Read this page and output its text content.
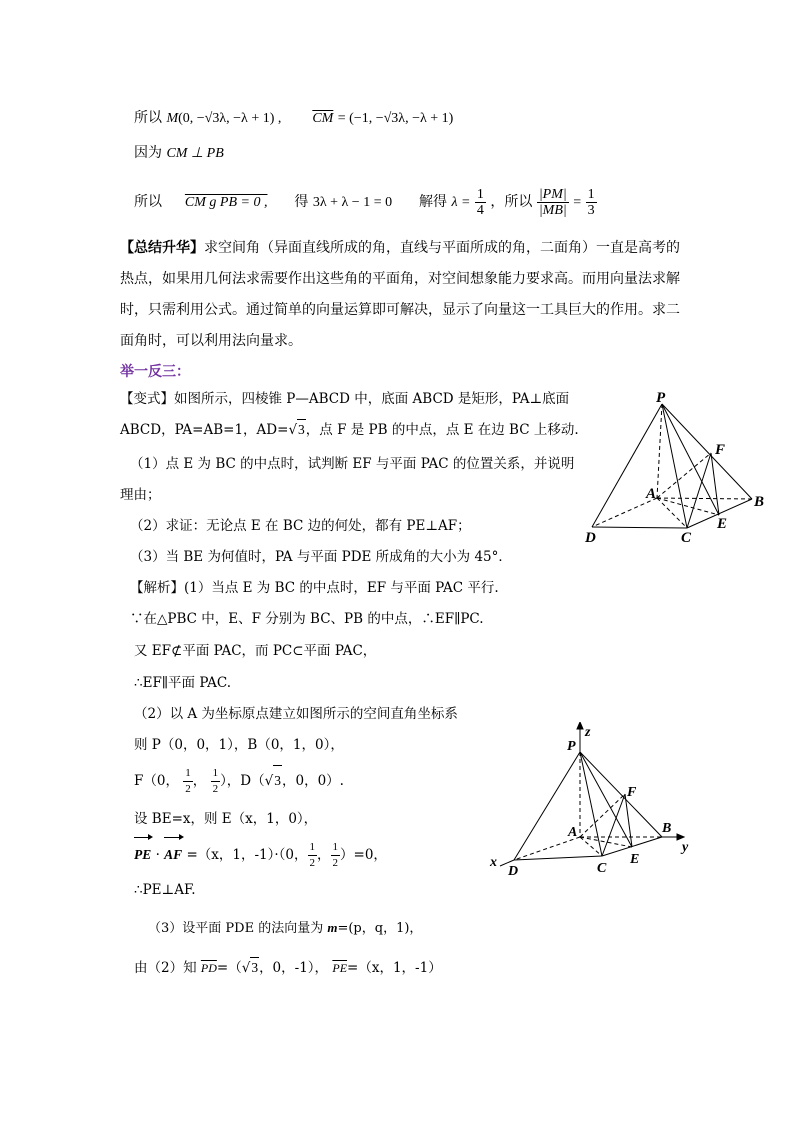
所以 M(0, −√3λ, −λ + 1) , $\overline{CM} = (-1$, −√3λ, −λ + 1)
因为 CM ⊥ PB
所以 CM g PB = 0 , 得 3λ + λ − 1 = 0 解得 $\lambda = \frac{1}{4}$ ，所以 $\frac{|PM|}{|MB|} = \frac{1}{3}$
【总结升华】求空间角（异面直线所成的角，直线与平面所成的角，二面角）一直是高考的
热点，如果用几何法求需要作出这些角的平面角，对空间想象能力要求高。而用向量法求解
时，只需利用公式。通过简单的向量运算即可解决，显示了向量这一工具巨大的作用。求二
面角时，可以利用法向量求。
举一反三：
【变式】如图所示，四棱锥 P—ABCD 中，底面 ABCD 是矩形，PA⊥底面
ABCD，PA=AB=1，AD=√3，点 F 是 PB 的中点，点 E 在边 BC 上移动.
（1）点 E 为 BC 的中点时，试判断 EF 与平面 PAC 的位置关系，并说明
理由；
（2）求证：无论点 E 在 BC 边的何处，都有 PE⊥AF；
（3）当 BE 为何值时，PA 与平面 PDE 所成角的大小为 45°．
【解析】(1）当点 E 为 BC 的中点时，EF 与平面 PAC 平行.
∵在△PBC 中，E、F 分别为 BC、PB 的中点，∴EF∥PC.
又 EF⊄平面 PAC，而 PC⊂平面 PAC，
∴EF∥平面 PAC.
（2）以 A 为坐标原点建立如图所示的空间直角坐标系
则 P（0，0，1），B（0，1，0），
F（0， $\frac{1}{2}$ ， $\frac{1}{2}$ ），D（√3，0，0）.
设 BE=x，则 E（x，1，0），
PE · AF =（x，1，-1）·（0， $\frac{1}{2}$ ， $\frac{1}{2} )=0$，
∴PE⊥AF.
（3）设平面 PDE 的法向量为 m=(p，q，1)，
由（2）知 $\overline{PD}=(√3$，0，-1）， $\overline{PE}=(x$，1，-1）
P
F
A	B
E
D	C
z
P
F
A	B
y
x
D	C
E
